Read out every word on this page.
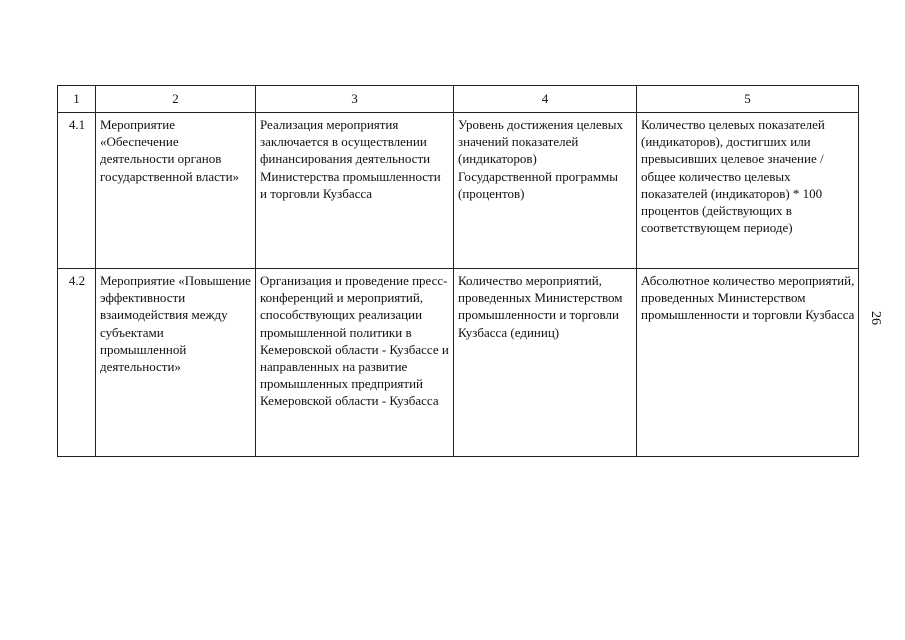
1	2	3	4	5
4.1	Мероприятие «Обеспечение деятельности органов государственной власти»	Реализация мероприятия заключается в осуществлении финансирования деятельности Министерства промышленности и торговли Кузбасса	Уровень достижения целевых значений показателей (индикаторов) Государственной программы (процентов)	Количество целевых показателей (индикаторов), достигших или превысивших целевое значение / общее количество целевых показателей (индикаторов) * 100 процентов (действующих в соответствующем периоде)
4.2	Мероприятие «Повышение эффективности взаимодействия между субъектами промышленной деятельности»	Организация и проведение пресс-конференций и мероприятий, способствующих реализации промышленной политики в Кемеровской области - Кузбассе и направленных на развитие промышленных предприятий Кемеровской области - Кузбасса	Количество мероприятий, проведенных Министерством промышленности и торговли Кузбасса (единиц)	Абсолютное количество мероприятий, проведенных Министерством промышленности и торговли Кузбасса 26
